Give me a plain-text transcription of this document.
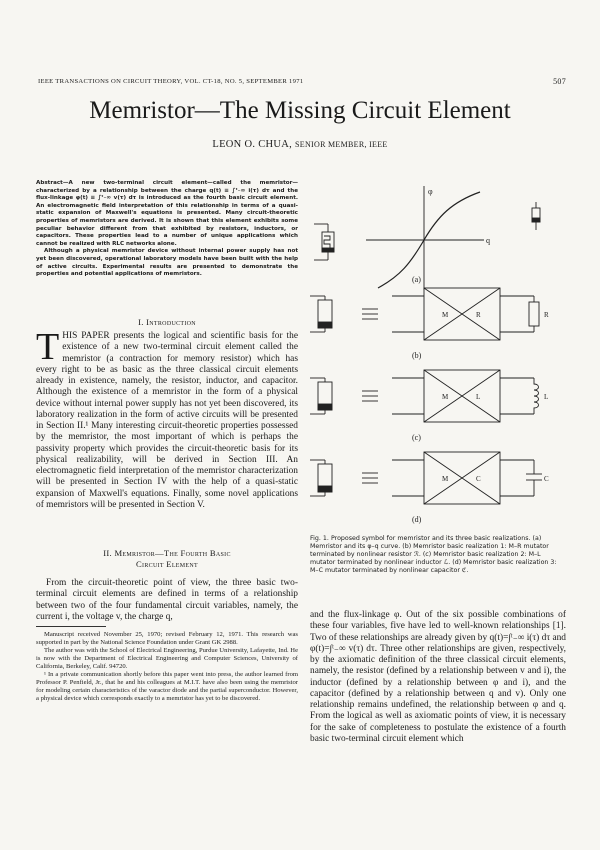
IEEE TRANSACTIONS ON CIRCUIT THEORY, VOL. CT-18, NO. 5, SEPTEMBER 1971	507
Memristor—The Missing Circuit Element
LEON O. CHUA, SENIOR MEMBER, IEEE

Abstract—A new two-terminal circuit element—called the memristor—characterized by a relationship between the charge q(t) ≡ ∫ᵗ₋∞ i(τ) dτ and the flux-linkage φ(t) ≡ ∫ᵗ₋∞ v(τ) dτ is introduced as the fourth basic circuit element. An electromagnetic field interpretation of this relationship in terms of a quasi-static expansion of Maxwell's equations is presented. Many circuit-theoretic properties of memristors are derived. It is shown that this element exhibits some peculiar behavior different from that exhibited by resistors, inductors, or capacitors. These properties lead to a number of unique applications which cannot be realized with RLC networks alone.

Although a physical memristor device without internal power supply has not yet been discovered, operational laboratory models have been built with the help of active circuits. Experimental results are presented to demonstrate the properties and potential applications of memristors.

I. Introduction

THIS PAPER presents the logical and scientific basis for the existence of a new two-terminal circuit element called the memristor (a contraction for memory resistor) which has every right to be as basic as the three classical circuit elements already in existence, namely, the resistor, inductor, and capacitor. Although the existence of a memristor in the form of a physical device without internal power supply has not yet been discovered, its laboratory realization in the form of active circuits will be presented in Section II.¹ Many interesting circuit-theoretic properties possessed by the memristor, the most important of which is perhaps the passivity property which provides the circuit-theoretic basis for its physical realizability, will be derived in Section III. An electromagnetic field interpretation of the memristor characterization will be presented in Section IV with the help of a quasi-static expansion of Maxwell's equations. Finally, some novel applications of memristors will be presented in Section V.

II. Memristor—The Fourth Basic
Circuit Element

From the circuit-theoretic point of view, the three basic two-terminal circuit elements are defined in terms of a relationship between two of the four fundamental circuit variables, namely, the current i, the voltage v, the charge q,

Manuscript received November 25, 1970; revised February 12, 1971. This research was supported in part by the National Science Foundation under Grant GK 2988.

The author was with the School of Electrical Engineering, Purdue University, Lafayette, Ind. He is now with the Department of Electrical Engineering and Computer Sciences, University of California, Berkeley, Calif. 94720.

¹ In a private communication shortly before this paper went into press, the author learned from Professor P. Penfield, Jr., that he and his colleagues at M.I.T. have also been using the memristor for modeling certain characteristics of the varactor diode and the partial superconductor. However, a physical device which corresponds exactly to a memristor has yet to be discovered.

and the flux-linkage φ. Out of the six possible combinations of these four variables, five have led to well-known relationships [1]. Two of these relationships are already given by q(t)=∫ᵗ₋∞ i(τ) dτ and φ(t)=∫ᵗ₋∞ v(τ) dτ. Three other relationships are given, respectively, by the axiomatic definition of the three classical circuit elements, namely, the resistor (defined by a relationship between v and i), the inductor (defined by a relationship between φ and i), and the capacitor (defined by a relationship between q and v). Only one relationship remains undefined, the relationship between φ and q. From the logical as well as axiomatic points of view, it is necessary for the sake of completeness to postulate the existence of a fourth basic two-terminal circuit element which

φ
q
(a)
(b)
(c)
(d)
M	R	R
M	L	L
M	C	C
Fig. 1. Proposed symbol for memristor and its three basic realizations. (a) Memristor and its φ–q curve. (b) Memristor basic realization 1: M–R mutator terminated by nonlinear resistor ℛ. (c) Memristor basic realization 2: M–L mutator terminated by nonlinear inductor ℒ. (d) Memristor basic realization 3: M–C mutator terminated by nonlinear capacitor ℭ.
